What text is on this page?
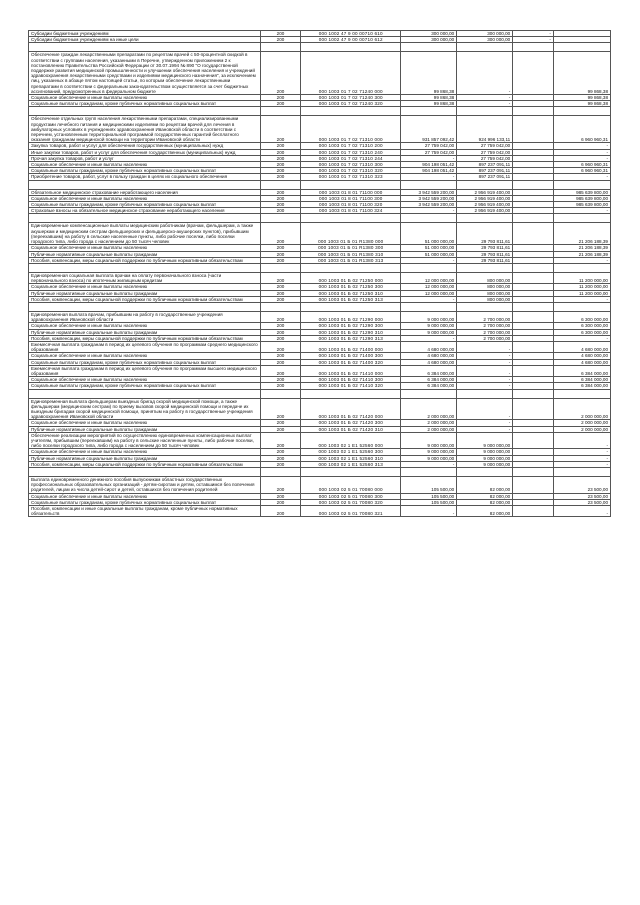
Субсидии бюджетным учреждениям	200	000 1002 47 9 00 00710 610	300 000,00	300 000,00	-	
Субсидии бюджетным учреждениям на иные цели	200	000 1002 47 9 00 00710 612	300 000,00	300 000,00	-	

Обеспечение граждан лекарственными препаратами по рецептам врачей с 50-процентной скидкой в соответствии с группами населения, указанными в Перечне, утвержденном приложением 2 к постановлению Правительства Российской Федерации от 30.07.1994 № 890 "О государственной поддержке развития медицинской промышленности и улучшении обеспечения населения и учреждений здравоохранения лекарственными средствами и изделиями медицинского назначения", за исключением лиц, указанных в абзаце пятом настоящей статьи, по которым обеспечение лекарственными препаратами в соответствии с федеральным законодательством осуществляется за счет бюджетных ассигнований, предусмотренных в федеральном бюджете	200	000 1003 01 7 02 71240 000	99 868,38	-		99 868,38
Социальное обеспечение и иные выплаты населению	200	000 1003 01 7 02 71240 300	99 868,38	-		99 868,38
Социальные выплаты гражданам, кроме публичных нормативных социальных выплат	200	000 1003 01 7 02 71240 320	99 868,38	-		99 868,38

Обеспечение отдельных групп населения лекарственными препаратами, специализированными продуктами лечебного питания и медицинскими изделиями по рецептам врачей для лечения в амбулаторных условиях в учреждениях здравоохранения Ивановской области в соответствии с перечнем, установленным территориальной программой государственных гарантий бесплатного оказания гражданам медицинской помощи на территории Ивановской области	200	000 1003 01 7 02 71310 000	931 857 092,42	924 996 133,11		6 960 960,31
Закупка товаров, работ и услуг для обеспечения государственных (муниципальных) нужд	200	000 1003 01 7 02 71310 200	27 759 042,00	27 759 042,00		-
Иные закупки товаров, работ и услуг для обеспечения государственных (муниципальных) нужд	200	000 1003 01 7 02 71310 240	27 759 042,00	27 759 042,00		-
Прочая закупка товаров, работ и услуг	200	000 1003 01 7 02 71310 244	-	27 759 042,00		-
Социальное обеспечение и иные выплаты населению	200	000 1003 01 7 02 71310 300	904 198 051,42	897 237 091,11		6 960 960,31
Социальные выплаты гражданам, кроме публичных нормативных социальных выплат	200	000 1003 01 7 02 71310 320	904 198 051,42	897 237 091,11		6 960 960,31
Приобретение товаров, работ, услуг в пользу граждан в целях их социального обеспечения	200	000 1003 01 7 02 71310 323	-	897 237 091,11		-

Обязательное медицинское страхование неработающего населения	200	000 1003 01 8 01 71100 000	3 942 559 200,00	2 956 919 400,00		985 639 800,00
Социальное обеспечение и иные выплаты населению	200	000 1003 01 8 01 71100 300	3 942 559 200,00	2 956 919 400,00		985 639 800,00
Социальные выплаты гражданам, кроме публичных нормативных социальных выплат	200	000 1003 01 8 01 71100 320	3 942 559 200,00	2 956 919 400,00		985 639 800,00
Страховые взносы на обязательное медицинское страхование неработающего населения	200	000 1003 01 8 01 71100 324	-	2 956 919 400,00		-

Единовременные компенсационные выплаты медицинским работникам (врачам, фельдшерам, а также акушеркам и медицинским сестрам фельдшерских и фельдшерско-акушерских пунктов), прибывшим (переехавшим) на работу в сельские населенные пункты, либо рабочие поселки, либо поселки городского типа, либо города с населением до 50 тысяч человек	200	000 1003 01 Б 01 R1380 000	51 000 000,00	29 793 811,61		21 206 188,39
Социальное обеспечение и иные выплаты населению	200	000 1003 01 Б 01 R1380 300	51 000 000,00	29 793 811,61		21 206 188,39
Публичные нормативные социальные выплаты гражданам	200	000 1003 01 Б 01 R1380 310	51 000 000,00	29 793 811,61		21 206 188,39
Пособия, компенсации, меры социальной поддержки по публичным нормативным обязательствам	200	000 1003 01 Б 01 R1380 313	-	29 793 811,61		-

Единовременная социальная выплата врачам на оплату первоначального взноса (части первоначального взноса) по ипотечным жилищным кредитам	200	000 1003 01 Б 02 71250 000	12 000 000,00	800 000,00		11 200 000,00
Социальное обеспечение и иные выплаты населению	200	000 1003 01 Б 02 71250 300	12 000 000,00	800 000,00		11 200 000,00
Публичные нормативные социальные выплаты гражданам	200	000 1003 01 Б 02 71250 310	12 000 000,00	800 000,00		11 200 000,00
Пособия, компенсации, меры социальной поддержки по публичным нормативным обязательствам	200	000 1003 01 Б 02 71250 313	-	800 000,00		-

Единовременная выплата врачам, прибывшим на работу в государственные учреждения здравоохранения Ивановской области	200	000 1003 01 Б 02 71290 000	9 000 000,00	2 700 000,00		6 300 000,00
Социальное обеспечение и иные выплаты населению	200	000 1003 01 Б 02 71290 300	9 000 000,00	2 700 000,00		6 300 000,00
Публичные нормативные социальные выплаты гражданам	200	000 1003 01 Б 02 71290 310	9 000 000,00	2 700 000,00		6 300 000,00
Пособия, компенсации, меры социальной поддержки по публичным нормативным обязательствам	200	000 1003 01 Б 02 71290 313	-	2 700 000,00		-
Ежемесячная выплата гражданам в период их целевого обучения по программам среднего медицинского образования	200	000 1003 01 Б 02 71400 000	4 680 000,00	-		4 680 000,00
Социальное обеспечение и иные выплаты населению	200	000 1003 01 Б 02 71400 300	4 680 000,00	-		4 680 000,00
Социальные выплаты гражданам, кроме публичных нормативных социальных выплат	200	000 1003 01 Б 02 71400 320	4 680 000,00	-		4 680 000,00
Ежемесячная выплата гражданам в период их целевого обучения по программам высшего медицинского образования	200	000 1003 01 Б 02 71410 000	6 384 000,00	-		6 384 000,00
Социальное обеспечение и иные выплаты населению	200	000 1003 01 Б 02 71410 300	6 384 000,00	-		6 384 000,00
Социальные выплаты гражданам, кроме публичных нормативных социальных выплат	200	000 1003 01 Б 02 71410 320	6 384 000,00	-		6 384 000,00

Единовременная выплата фельдшерам выездных бригад скорой медицинской помощи, а также фельдшерам (медицинским сестрам) по приему вызовов скорой медицинской помощи и передаче их выездным бригадам скорой медицинской помощи, принятым на работу в государственные учреждения здравоохранения Ивановской области	200	000 1003 01 Б 02 71420 000	2 000 000,00	-		2 000 000,00
Социальное обеспечение и иные выплаты населению	200	000 1003 01 Б 02 71420 300	2 000 000,00	-		2 000 000,00
Публичные нормативные социальные выплаты гражданам	200	000 1003 01 Б 02 71420 310	2 000 000,00	-		2 000 000,00
Обеспечение реализации мероприятий по осуществлению единовременных компенсационных выплат учителям, прибывшим (переехавшим) на работу в сельские населенные пункты, либо рабочие поселки, либо поселки городского типа, либо города с населением до 50 тысяч человек	200	000 1003 02 1 Е1 52560 000	9 000 000,00	9 000 000,00		-
Социальное обеспечение и иные выплаты населению	200	000 1003 02 1 Е1 52560 300	9 000 000,00	9 000 000,00		-
Публичные нормативные социальные выплаты гражданам	200	000 1003 02 1 Е1 52560 310	9 000 000,00	9 000 000,00		-
Пособия, компенсации, меры социальной поддержки по публичным нормативным обязательствам	200	000 1003 02 1 Е1 52560 313	-	9 000 000,00		-

Выплата единовременного денежного пособия выпускникам областных государственных профессиональных образовательных организаций - детям-сиротам и детям, оставшимся без попечения родителей, лицам из числа детей-сирот и детей, оставшихся без попечения родителей	200	000 1003 02 5 01 70080 000	105 500,00	82 000,00		23 500,00
Социальное обеспечение и иные выплаты населению	200	000 1003 02 5 01 70080 300	105 500,00	82 000,00		23 500,00
Социальные выплаты гражданам, кроме публичных нормативных социальных выплат	200	000 1003 02 5 01 70080 320	105 500,00	82 000,00		23 500,00
Пособия, компенсации и иные социальные выплаты гражданам, кроме публичных нормативных обязательств	200	000 1003 02 5 01 70080 321	-	82 000,00		-
